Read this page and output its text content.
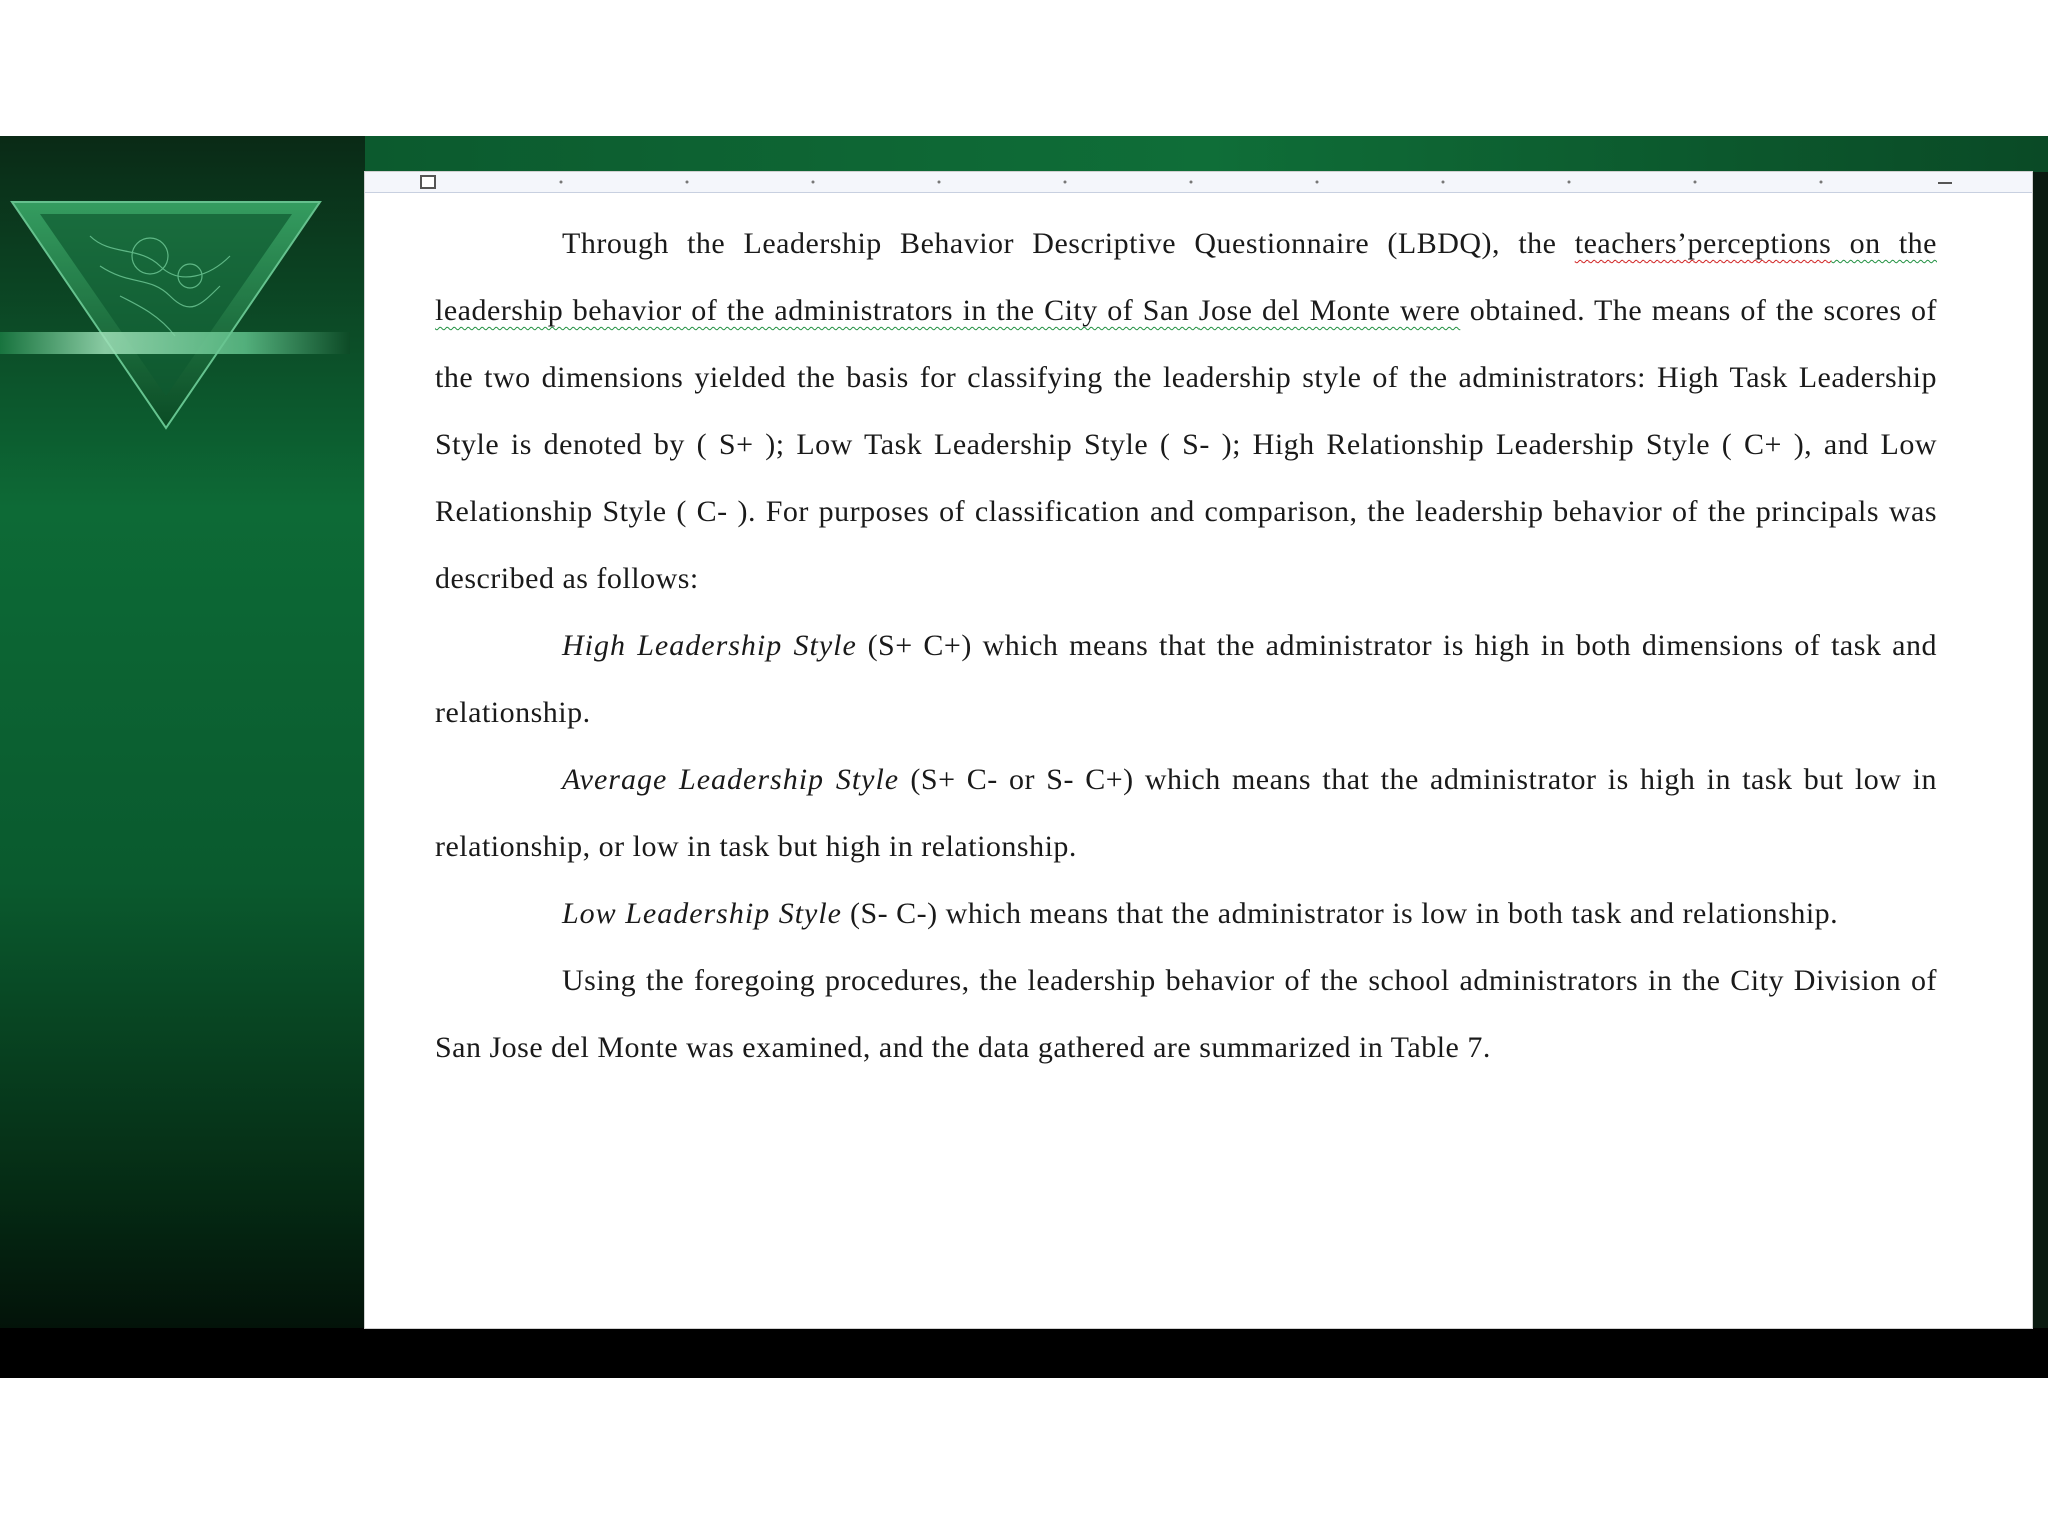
Through the Leadership Behavior Descriptive Questionnaire (LBDQ), the teachers’perceptions on the leadership behavior of the administrators in the City of San Jose del Monte were obtained. The means of the scores of the two dimensions yielded the basis for classifying the leadership style of the administrators: High Task Leadership Style is denoted by ( S+ ); Low Task Leadership Style ( S- ); High Relationship Leadership Style ( C+ ), and Low Relationship Style ( C- ). For purposes of classification and comparison, the leadership behavior of the principals was described as follows:

High Leadership Style (S+ C+) which means that the administrator is high in both dimensions of task and relationship.

Average Leadership Style (S+ C- or S- C+) which means that the administrator is high in task but low in relationship, or low in task but high in relationship.

Low Leadership Style (S- C-) which means that the administrator is low in both task and relationship.

Using the foregoing procedures, the leadership behavior of the school administrators in the City Division of San Jose del Monte was examined, and the data gathered are summarized in Table 7.
